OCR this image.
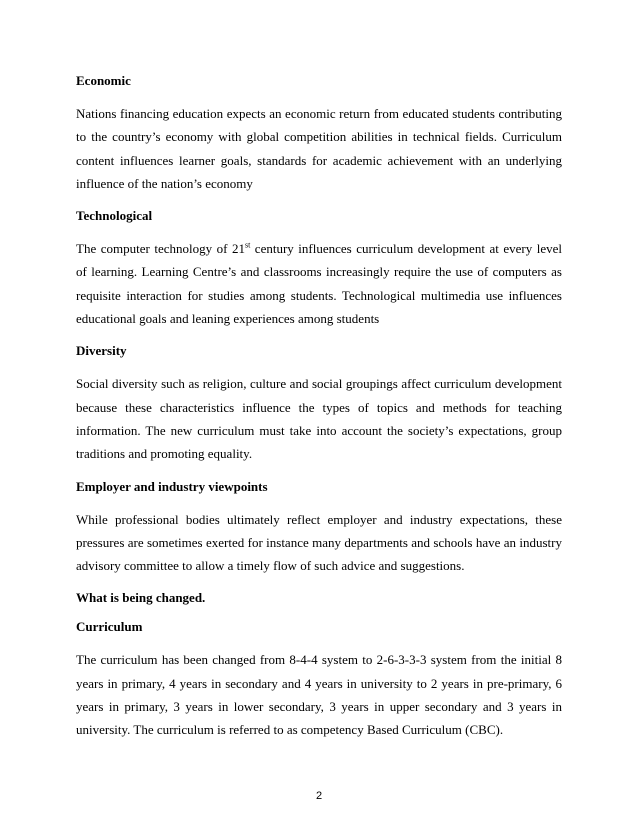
Economic

Nations financing education expects an economic return from educated students contributing to the country’s economy with global competition abilities in technical fields. Curriculum content influences learner goals, standards for academic achievement with an underlying influence of the nation’s economy

Technological

The computer technology of 21st century influences curriculum development at every level of learning. Learning Centre’s and classrooms increasingly require the use of computers as requisite interaction for studies among students. Technological multimedia use influences educational goals and leaning experiences among students

Diversity

Social diversity such as religion, culture and social groupings affect curriculum development because these characteristics influence the types of topics and methods for teaching information. The new curriculum must take into account the society’s expectations, group traditions and promoting equality.

Employer and industry viewpoints

While professional bodies ultimately reflect employer and industry expectations, these pressures are sometimes exerted for instance many departments and schools have an industry advisory committee to allow a timely flow of such advice and suggestions.

What is being changed.
Curriculum

The curriculum has been changed from 8-4-4 system to 2-6-3-3-3 system from the initial 8 years in primary, 4 years in secondary and 4 years in university to 2 years in pre-primary, 6 years in primary, 3 years in lower secondary, 3 years in upper secondary and 3 years in university. The curriculum is referred to as competency Based Curriculum (CBC).

2
